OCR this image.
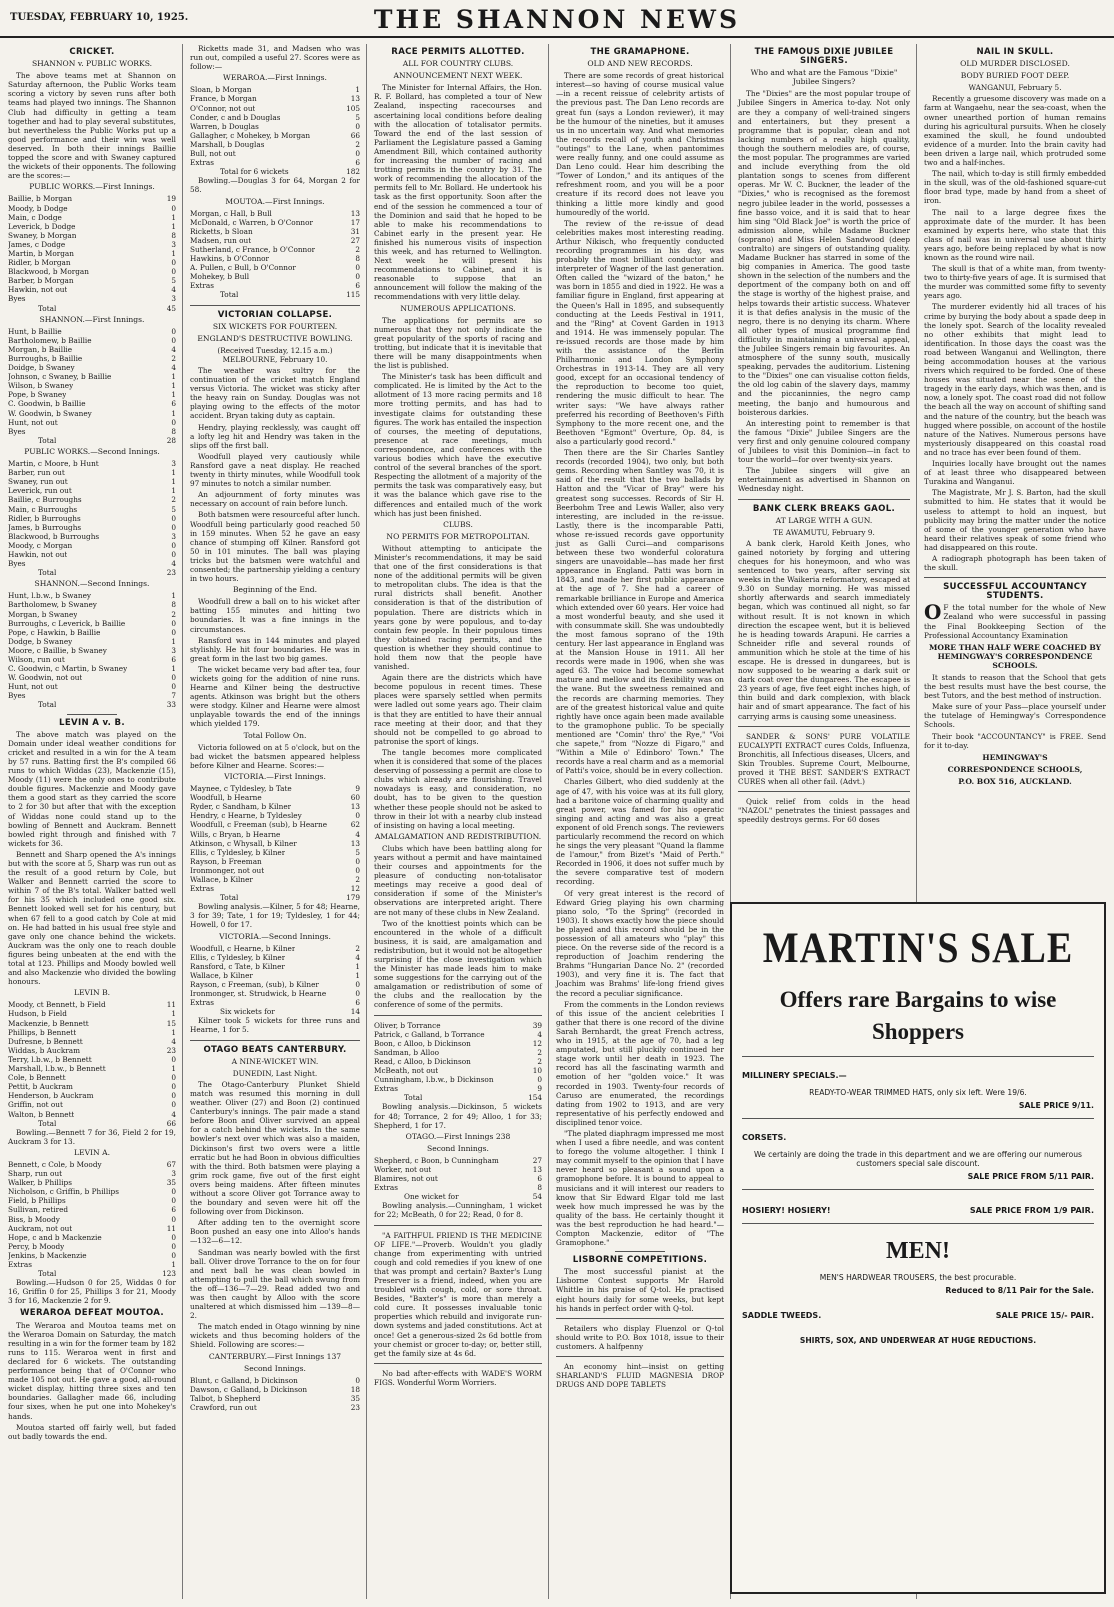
TUESDAY, FEBRUARY 10, 1925.	THE SHANNON NEWS
CRICKET.
SHANNON v. PUBLIC WORKS.

The above teams met at Shannon on Saturday afternoon, the Public Works team scoring a victory by seven runs after both teams had played two innings. The Shannon Club had difficulty in getting a team together and had to play several substitutes, but nevertheless the Public Works put up a good performance and their win was well deserved. In both their innings Baillie topped the score and with Swaney captured the wickets of their opponents. The following are the scores:—

PUBLIC WORKS.—First Innings.
Baillie, b Morgan	19
Moody, b Dodge	0
Main, c Dodge	1
Leverick, b Dodge	1
Swaney, b Morgan	8
James, c Dodge	3
Martin, b Morgan	1
Ridler, b Morgan	0
Blackwood, b Morgan	0
Barber, b Morgan	5
Hawkin, not out	4
Byes	3
Total	45
SHANNON.—First Innings.
Hunt, b Baillie	0
Bartholomew, b Baillie	0
Morgan, b Baillie	4
Burroughs, b Baillie	2
Doidge, b Swaney	4
Johnson, c Swaney, b Baillie	1
Wilson, b Swaney	1
Pope, b Swaney	1
C. Goodwin, b Baillie	6
W. Goodwin, b Swaney	1
Hunt, not out	0
Byes	8
Total	28
PUBLIC WORKS.—Second Innings.
Martin, c Moore, b Hunt	3
Barber, run out	1
Swaney, run out	1
Leverick, run out	1
Baillie, c Burroughs	2
Main, c Burroughs	5
Ridler, b Burroughs	0
James, b Burroughs	0
Blackwood, b Burroughs	3
Moody, c Morgan	0
Hawkin, not out	0
Byes	4
Total	23
SHANNON.—Second Innings.
Hunt, l.b.w., b Swaney	1
Bartholomew, b Swaney	8
Morgan, b Swaney	2
Burroughs, c Leverick, b Baillie	0
Pope, c Hawkin, b Baillie	0
Dodge, b Swaney	1
Moore, c Baillie, b Swaney	3
Wilson, run out	6
C. Goodwin, c Martin, b Swaney	1
W. Goodwin, not out	0
Hunt, not out	0
Byes	7
Total	33
LEVIN A v. B.

The above match was played on the Domain under ideal weather conditions for cricket and resulted in a win for the A team by 57 runs. Batting first the B's compiled 66 runs to which Widdas (23), Mackenzie (15), Moody (11) were the only ones to contribute double figures. Mackenzie and Moody gave them a good start as they carried the score to 2 for 30 but after that with the exception of Widdas none could stand up to the bowling of Bennett and Auckram. Bennett bowled right through and finished with 7 wickets for 36.

Bennett and Sharp opened the A's innings but with the score at 5, Sharp was run out as the result of a good return by Cole, but Walker and Bennett carried the score to within 7 of the B's total. Walker batted well for his 35 which included one good six. Bennett looked well set for his century, but when 67 fell to a good catch by Cole at mid on. He had batted in his usual free style and gave only one chance behind the wickets. Auckram was the only one to reach double figures being unbeaten at the end with the total at 123. Phillips and Moody bowled well and also Mackenzie who divided the bowling honours.

LEVIN B.
Moody, ct Bennett, b Field	11
Hudson, b Field	1
Mackenzie, b Bennett	15
Phillips, b Bennett	1
Dufresne, b Bennett	4
Widdas, b Auckram	23
Terry, l.b.w., b Bennett	0
Marshall, l.b.w., b Bennett	1
Cole, b Bennett	0
Pettit, b Auckram	0
Henderson, b Auckram	0
Griffin, not out	0
Walton, b Bennett	4
Total	66

Bowling.—Bennett 7 for 36, Field 2 for 19, Auckram 3 for 13.

LEVIN A.
Bennett, c Cole, b Moody	67
Sharp, run out	3
Walker, b Phillips	35
Nicholson, c Griffin, b Phillips	0
Field, b Phillips	0
Sullivan, retired	6
Biss, b Moody	0
Auckram, not out	11
Hope, c and b Mackenzie	0
Percy, b Moody	0
Jenkins, b Mackenzie	0
Extras	1
Total	123

Bowling.—Hudson 0 for 25, Widdas 0 for 16, Griffin 0 for 25, Phillips 3 for 21, Moody 3 for 16, Mackenzie 2 for 9.

WERAROA DEFEAT MOUTOA.

The Weraroa and Moutoa teams met on the Weraroa Domain on Saturday, the match resulting in a win for the former team by 182 runs to 115. Weraroa went in first and declared for 6 wickets. The outstanding performance being that of O'Connor who made 105 not out. He gave a good, all-round wicket display, hitting three sixes and ten boundaries. Gallagher made 66, including four sixes, when he put one into Mohekey's hands.

Moutoa started off fairly well, but faded out badly towards the end.

Ricketts made 31, and Madsen who was run out, compiled a useful 27. Scores were as follow:—

WERAROA.—First Innings.
Sloan, b Morgan	1
France, b Morgan	13
O'Connor, not out	105
Conder, c and b Douglas	5
Warren, b Douglas	0
Gallagher, c Mohekey, b Morgan	66
Marshall, b Douglas	2
Bull, not out	0
Extras	6
Total for 6 wickets	182

Bowling.—Douglas 3 for 64, Morgan 2 for 58.

MOUTOA.—First Innings.
Morgan, c Hall, b Bull	13
McDonald, c Warren, b O'Connor	17
Ricketts, b Sloan	31
Madsen, run out	27
Sutherland, c France, b O'Connor	2
Hawkins, b O'Connor	8
A. Pullen, c Bull, b O'Connor	0
Mohekey, b Bull	0
Extras	6
Total	115
VICTORIAN COLLAPSE.
SIX WICKETS FOR FOURTEEN.
ENGLAND'S DESTRUCTIVE BOWLING.
(Received Tuesday, 12.15 a.m.) MELBOURNE, February 10.

The weather was sultry for the continuation of the cricket match England versus Victoria. The wicket was sticky after the heavy rain on Sunday. Douglas was not playing owing to the effects of the motor accident. Bryan taking duty as captain.

Hendry, playing recklessly, was caught off a lofty leg hit and Hendry was taken in the slips off the first ball.

Woodfull played very cautiously while Ransford gave a neat display. He reached twenty in thirty minutes, while Woodfull took 97 minutes to notch a similar number.

An adjournment of forty minutes was necessary on account of rain before lunch.

Both batsmen were resourceful after lunch. Woodfull being particularly good reached 50 in 159 minutes. When 52 he gave an easy chance of stumping off Kilner. Ransford got 50 in 101 minutes. The ball was playing tricks but the batsmen were watchful and consented; the partnership yielding a century in two hours.

Beginning of the End.

Woodfull drew a ball on to his wicket after batting 155 minutes and hitting two boundaries. It was a fine innings in the circumstances.

Ransford was in 144 minutes and played stylishly. He hit four boundaries. He was in great form in the last two big games.

The wicket became very bad after tea, four wickets going for the addition of nine runs. Hearne and Kilner being the destructive agents. Atkinson was bright but the others were stodgy. Kilner and Hearne were almost unplayable towards the end of the innings which yielded 179.

Total Follow On.

Victoria followed on at 5 o'clock, but on the bad wicket the batsmen appeared helpless before Kilner and Hearne. Scores:—

VICTORIA.—First Innings.
Maynee, c Tyldesley, b Tate	9
Woodfull, b Hearne	60
Ryder, c Sandham, b Kilner	13
Hendry, c Hearne, b Tyldesley	0
Woodfull, c Freeman (sub), b Hearne	62
Wills, c Bryan, b Hearne	4
Atkinson, c Whysall, b Kilner	13
Ellis, c Tyldesley, b Kilner	5
Rayson, b Freeman	0
Ironmonger, not out	0
Wallace, b Kilner	2
Extras	12
Total	179

Bowling analysis.—Kilner, 5 for 48; Hearne, 3 for 39; Tate, 1 for 19; Tyldesley, 1 for 44; Howell, 0 for 17.

VICTORIA.—Second Innings.
Woodfull, c Hearne, b Kilner	2
Ellis, c Tyldesley, b Kilner	4
Ransford, c Tate, b Kilner	1
Wallace, b Kilner	1
Rayson, c Freeman, (sub), b Kilner	0
Ironmonger, st. Strudwick, b Hearne	0
Extras	6
Six wickets for	14

Kilner took 5 wickets for three runs and Hearne, 1 for 5.

OTAGO BEATS CANTERBURY.
A NINE-WICKET WIN.
DUNEDIN, Last Night.

The Otago-Canterbury Plunket Shield match was resumed this morning in dull weather. Oliver (27) and Boon (2) continued Canterbury's innings. The pair made a stand before Boon and Oliver survived an appeal for a catch behind the wickets. In the same bowler's next over which was also a maiden, Dickinson's first two overs were a little erratic but he had Boon in obvious difficulties with the third. Both batsmen were playing a grim rock game, five out of the first eight overs being maidens. After fifteen minutes without a score Oliver got Torrance away to the boundary and seven were hit off the following over from Dickinson.

After adding ten to the overnight score Boon pushed an easy one into Alloo's hands —132—6—12.

Sandman was nearly bowled with the first ball. Oliver drove Torrance to the on for four and next ball he was clean bowled in attempting to pull the ball which swung from the off—136—7—29. Read added two and was then caught by Alloo with the score unaltered at which dismissed him —139—8—2.

The match ended in Otago winning by nine wickets and thus becoming holders of the Shield. Following are scores:—

CANTERBURY.—First Innings 137
Second Innings.
Blunt, c Galland, b Dickinson	0
Dawson, c Galland, b Dickinson	18
Talbot, b Shepherd	35
Crawford, run out	23
RACE PERMITS ALLOTTED.
ALL FOR COUNTRY CLUBS.
ANNOUNCEMENT NEXT WEEK.

The Minister for Internal Affairs, the Hon. R. F. Bollard, has completed a tour of New Zealand, inspecting racecourses and ascertaining local conditions before dealing with the allocation of totalisator permits. Toward the end of the last session of Parliament the Legislature passed a Gaming Amendment Bill, which contained authority for increasing the number of racing and trotting permits in the country by 31. The work of recommending the allocation of the permits fell to Mr. Bollard. He undertook his task as the first opportunity. Soon after the end of the session he commenced a tour of the Dominion and said that he hoped to be able to make his recommendations to Cabinet early in the present year. He finished his numerous visits of inspection this week, and has returned to Wellington. Next week he will present his recommendations to Cabinet, and it is reasonable to suppose that an announcement will follow the making of the recommendations with very little delay.

NUMEROUS APPLICATIONS.

The applications for permits are so numerous that they not only indicate the great popularity of the sports of racing and trotting, but indicate that it is inevitable that there will be many disappointments when the list is published.

The Minister's task has been difficult and complicated. He is limited by the Act to the allotment of 13 more racing permits and 18 more trotting permits, and has had to investigate claims for outstanding these figures. The work has entailed the inspection of courses, the meeting of deputations, presence at race meetings, much correspondence, and conferences with the various bodies which have the executive control of the several branches of the sport. Respecting the allotment of a majority of the permits the task was comparatively easy, but it was the balance which gave rise to the differences and entailed much of the work which has just been finished.

CLUBS.
NO PERMITS FOR METROPOLITAN.

Without attempting to anticipate the Minister's recommendations, it may be said that one of the first considerations is that none of the additional permits will be given to metropolitan clubs. The idea is that the rural districts shall benefit. Another consideration is that of the distribution of population. There are districts which in years gone by were populous, and to-day contain few people. In their populous times they obtained racing permits, and the question is whether they should continue to hold them now that the people have vanished.

Again there are the districts which have become populous in recent times. These places were sparsely settled when permits were ladled out some years ago. Their claim is that they are entitled to have their annual race meeting at their door, and that they should not be compelled to go abroad to patronise the sport of kings.

The tangle becomes more complicated when it is considered that some of the places deserving of possessing a permit are close to clubs which already are flourishing. Travel nowadays is easy, and consideration, no doubt, has to be given to the question whether these people should not be asked to throw in their lot with a nearby club instead of insisting on having a local meeting.

AMALGAMATION AND REDISTRIBUTION.

Clubs which have been battling along for years without a permit and have maintained their courses and appointments for the pleasure of conducting non-totalisator meetings may receive a good deal of consideration if some of the Minister's observations are interpreted aright. There are not many of these clubs in New Zealand.

Two of the knottiest points which can be encountered in the whole of a difficult business, it is said, are amalgamation and redistribution, but it would not be altogether surprising if the close investigation which the Minister has made leads him to make some suggestions for the carrying out of the amalgamation or redistribution of some of the clubs and the reallocation by the conference of some of the permits.

Oliver, b Torrance	39
Patrick, c Galland, b Torrance	4
Boon, c Alloo, b Dickinson	12
Sandman, b Alloo	2
Read, c Alloo, b Dickinson	2
McBeath, not out	10
Cunningham, l.b.w., b Dickinson	0
Extras	9
Total	154

Bowling analysis.—Dickinson, 5 wickets for 48; Torrance, 2 for 49; Alloo, 1 for 33; Shepherd, 1 for 17.

OTAGO.—First Innings 238
Second Innings.
Shepherd, c Boon, b Cunningham	27
Worker, not out	13
Blamires, not out	6
Extras	8
One wicket for	54

Bowling analysis.—Cunningham, 1 wicket for 22; McBeath, 0 for 22; Read, 0 for 8.

"A FAITHFUL FRIEND IS THE MEDICINE OF LIFE."—Proverb. Wouldn't you gladly change from experimenting with untried cough and cold remedies if you knew of one that was prompt and certain? Baxter's Lung Preserver is a friend, indeed, when you are troubled with cough, cold, or sore throat. Besides, "Baxter's" is more than merely a cold cure. It possesses invaluable tonic properties which rebuild and invigorate run-down systems and jaded constitutions. Act at once! Get a generous-sized 2s 6d bottle from your chemist or grocer to-day; or, better still, get the family size at 4s 6d.

No bad after-effects with WADE'S WORM FIGS. Wonderful Worm Worriers.

THE GRAMAPHONE.
OLD AND NEW RECORDS.

There are some records of great historical interest—so having of course musical value—in a recent reissue of celebrity artists of the previous past. The Dan Leno records are great fun (says a London reviewer), it may be the humour of the nineties, but it amuses us in no uncertain way. And what memories the records recall of youth and Christmas "outings" to the Lane, when pantomimes were really funny, and one could assume as Dan Leno could. Hear him describing the "Tower of London," and its antiques of the refreshment room, and you will be a poor creature if its record does not leave you thinking a little more kindly and good humouredly of the world.

The review of the re-issue of dead celebrities makes most interesting reading. Arthur Nikisch, who frequently conducted recording programmes in his day, was probably the most brilliant conductor and interpreter of Wagner of the last generation. Often called the "wizard of the baton," he was born in 1855 and died in 1922. He was a familiar figure in England, first appearing at the Queen's Hall in 1895, and subsequently conducting at the Leeds Festival in 1911, and the "Ring" at Covent Garden in 1913 and 1914. He was immensely popular. The re-issued records are those made by him with the assistance of the Berlin Philharmonic and London Symphony Orchestras in 1913-14. They are all very good, except for an occasional tendency of the reproduction to become too quiet, rendering the music difficult to hear. The writer says: "We have always rather preferred his recording of Beethoven's Fifth Symphony to the more recent one, and the Beethoven "Egmont" Overture, Op. 84, is also a particularly good record."

Then there are the Sir Charles Santley records (recorded 1904), two only, but both gems. Recording when Santley was 70, it is said of the result that the two ballads by Hatton and the "Vicar of Bray" were his greatest song successes. Records of Sir H. Beerbohm Tree and Lewis Waller, also very interesting, are included in the re-issue. Lastly, there is the incomparable Patti, whose re-issued records gave opportunity just as Galli Curci—and comparisons between these two wonderful coloratura singers are unavoidable—has made her first appearance in England. Patti was born in 1843, and made her first public appearance at the age of 7. She had a career of remarkable brilliance in Europe and America which extended over 60 years. Her voice had a most wonderful beauty, and she used it with consummate skill. She was undoubtedly the most famous soprano of the 19th century. Her last appearance in England was at the Mansion House in 1911. All her records were made in 1906, when she was aged 63. The voice had become somewhat mature and mellow and its flexibility was on the wane. But the sweetness remained and the records are charming memories. They are of the greatest historical value and quite rightly have once again been made available to the gramophone public. To be specially mentioned are "Comin' thro' the Rye," "Voi che sapete," from "Nozze di Figaro," and "Within a Mile o' Edinboro' Town." The records have a real charm and as a memorial of Patti's voice, should be in every collection.

Charles Gilbert, who died suddenly at the age of 47, with his voice was at its full glory, had a baritone voice of charming quality and great power, was famed for his operatic singing and acting and was also a great exponent of old French songs. The reviewers particularly recommend the record on which he sings the very pleasant "Quand la flamme de l'amour," from Bizet's "Maid of Perth." Recorded in 1906, it does not suffer much by the severe comparative test of modern recording.

Of very great interest is the record of Edward Grieg playing his own charming piano solo, "To the Spring" (recorded in 1903). It shows exactly how the piece should be played and this record should be in the possession of all amateurs who "play" this piece. On the reverse side of the record is a reproduction of Joachim rendering the Brahms "Hungarian Dance No. 2" (recorded 1903), and very fine it is. The fact that Joachim was Brahms' life-long friend gives the record a peculiar significance.

From the comments in the London reviews of this issue of the ancient celebrities I gather that there is one record of the divine Sarah Bernhardt, the great French actress, who in 1915, at the age of 70, had a leg amputated, but still pluckily continued her stage work until her death in 1923. The record has all the fascinating warmth and emotion of her "golden voice." It was recorded in 1903. Twenty-four records of Caruso are enumerated, the recordings dating from 1902 to 1913, and are very representative of his perfectly endowed and disciplined tenor voice.

"The plated diaphragm impressed me most when I used a fibre needle, and was content to forego the volume altogether. I think I may commit myself to the opinion that I have never heard so pleasant a sound upon a gramophone before. It is bound to appeal to musicians and it will interest our readers to know that Sir Edward Elgar told me last week how much impressed he was by the quality of the bass. He certainly thought it was the best reproduction he had heard."—Compton Mackenzie, editor of "The Gramophone."

LISBORNE COMPETITIONS.

The most successful pianist at the Lisborne Contest supports Mr Harold Whittle in his praise of Q-tol. He practised eight hours daily for some weeks, but kept his hands in perfect order with Q-tol.

Retailers who display Fluenzol or Q-tol should write to P.O. Box 1018, issue to their customers. A halfpenny

An economy hint—insist on getting SHARLAND'S FLUID MAGNESIA DROP DRUGS AND DOPE TABLETS

THE FAMOUS DIXIE JUBILEE SINGERS.
Who and what are the Famous "Dixie" Jubilee Singers?

The "Dixies" are the most popular troupe of Jubilee Singers in America to-day. Not only are they a company of well-trained singers and entertainers, but they present a programme that is popular, clean and not lacking numbers of a really high quality, though the southern melodies are, of course, the most popular. The programmes are varied and include everything from the old plantation songs to scenes from different operas. Mr W. C. Buckner, the leader of the "Dixies," who is recognised as the foremost negro jubilee leader in the world, possesses a fine basso voice, and it is said that to hear him sing "Old Black Joe" is worth the price of admission alone, while Madame Buckner (soprano) and Miss Helen Sandwood (deep contralto) are singers of outstanding quality. Madame Buckner has starred in some of the big companies in America. The good taste shown in the selection of the numbers and the deportment of the company both on and off the stage is worthy of the highest praise, and helps towards their artistic success. Whatever it is that defies analysis in the music of the negro, there is no denying its charm. Where all other types of musical programme find difficulty in maintaining a universal appeal, the Jubilee Singers remain big favourites. An atmosphere of the sunny south, musically speaking, pervades the auditorium. Listening to the "Dixies" one can visualise cotton fields, the old log cabin of the slavery days, mammy and the piccaninnies, the negro camp meeting, the banjo and humourous and boisterous darkies.

An interesting point to remember is that the famous "Dixie" Jubilee Singers are the very first and only genuine coloured company of Jubilees to visit this Dominion—in fact to tour the world—for over twenty-six years.

The Jubilee singers will give an entertainment as advertised in Shannon on Wednesday night.

BANK CLERK BREAKS GAOL.
AT LARGE WITH A GUN.
TE AWAMUTU, February 9.

A bank clerk, Harold Keith Jones, who gained notoriety by forging and uttering cheques for his honeymoon, and who was sentenced to two years, after serving six weeks in the Waikeria reformatory, escaped at 9.30 on Sunday morning. He was missed shortly afterwards and search immediately began, which was continued all night, so far without result. It is not known in which direction the escapee went, but it is believed he is heading towards Arapuni. He carries a Schneider rifle and several rounds of ammunition which he stole at the time of his escape. He is dressed in dungarees, but is now supposed to be wearing a dark suit or dark coat over the dungarees. The escapee is 23 years of age, five feet eight inches high, of thin build and dark complexion, with black hair and of smart appearance. The fact of his carrying arms is causing some uneasiness.

SANDER & SONS' PURE VOLATILE EUCALYPTI EXTRACT cures Colds, Influenza, Bronchitis, all Infectious diseases, Ulcers, and Skin Troubles. Supreme Court, Melbourne, proved it THE BEST. SANDER'S EXTRACT CURES when all other fail. (Advt.)

Quick relief from colds in the head "NAZOL" penetrates the tiniest passages and speedily destroys germs. For 60 doses

NAIL IN SKULL.
OLD MURDER DISCLOSED.
BODY BURIED FOOT DEEP.
WANGANUI, February 5.

Recently a gruesome discovery was made on a farm at Wangaehu, near the sea-coast, when the owner unearthed portion of human remains during his agricultural pursuits. When he closely examined the skull, he found undoubted evidence of a murder. Into the brain cavity had been driven a large nail, which protruded some two and a half-inches.

The nail, which to-day is still firmly embedded in the skull, was of the old-fashioned square-cut floor brad type, made by hand from a sheet of iron.

The nail to a large degree fixes the approximate date of the murder. It has been examined by experts here, who state that this class of nail was in universal use about thirty years ago, before being replaced by what is now known as the round wire nail.

The skull is that of a white man, from twenty-two to thirty-five years of age. It is surmised that the murder was committed some fifty to seventy years ago.

The murderer evidently hid all traces of his crime by burying the body about a spade deep in the lonely spot. Search of the locality revealed no other exhibits that might lead to identification. In those days the coast was the road between Wanganui and Wellington, there being accommodation houses at the various rivers which required to be forded. One of these houses was situated near the scene of the tragedy in the early days, which was then, and is now, a lonely spot. The coast road did not follow the beach all the way on account of shifting sand and the nature of the country, but the beach was hugged where possible, on account of the hostile nature of the Natives. Numerous persons have mysteriously disappeared on this coastal road and no trace has ever been found of them.

Inquiries locally have brought out the names of at least three who disappeared between Turakina and Wanganui.

The Magistrate, Mr J. S. Barton, had the skull submitted to him. He states that it would be useless to attempt to hold an inquest, but publicity may bring the matter under the notice of some of the younger generation who have heard their relatives speak of some friend who had disappeared on this route.

A radiograph photograph has been taken of the skull.

SUCCESSFUL ACCOUNTANCY STUDENTS.

O F the total number for the whole of New Zealand who were successful in passing the Final Bookkeeping Section of the Professional Accountancy Examination

MORE THAN HALF WERE COACHED BY HEMINGWAY'S CORRESPONDENCE SCHOOLS.

It stands to reason that the School that gets the best results must have the best course, the best Tutors, and the best method of instruction.

Make sure of your Pass—place yourself under the tutelage of Hemingway's Correspondence Schools.

Their book "ACCOUNTANCY" is FREE. Send for it to-day.

HEMINGWAY'S
CORRESPONDENCE SCHOOLS,
P.O. BOX 516, AUCKLAND.
MARTIN'S SALE
Offers rare Bargains to wise Shoppers
MILLINERY SPECIALS.—
READY-TO-WEAR TRIMMED HATS, only six left. Were 19/6.
SALE PRICE 9/11.
CORSETS.
We certainly are doing the trade in this department and we are offering our numerous customers special sale discount.
SALE PRICE FROM 5/11 PAIR.
HOSIERY! HOSIERY!	SALE PRICE FROM 1/9 PAIR.
MEN!
MEN'S HARDWEAR TROUSERS, the best procurable.
Reduced to 8/11 Pair for the Sale.
SADDLE TWEEDS.	SALE PRICE 15/- PAIR.
SHIRTS, SOX, AND UNDERWEAR AT HUGE REDUCTIONS.
